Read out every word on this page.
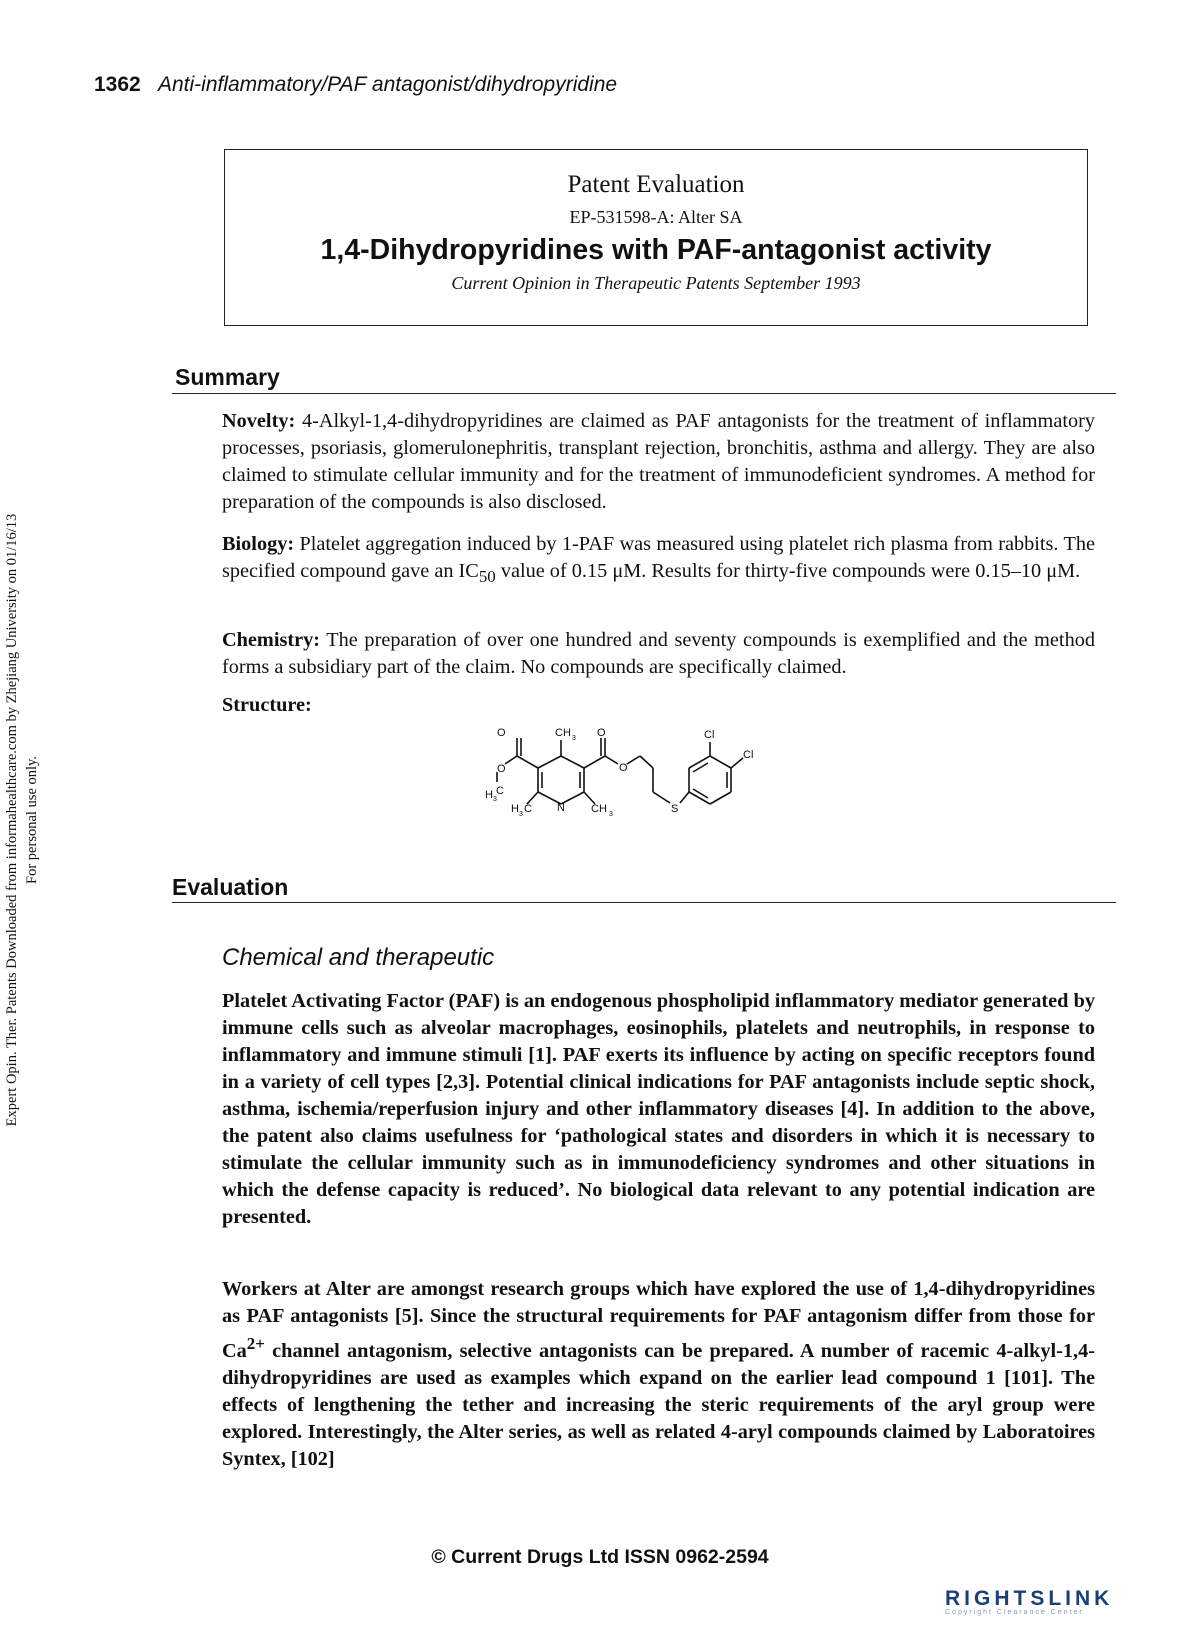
1362 Anti-inflammatory/PAF antagonist/dihydropyridine
Expert Opin. Ther. Patents Downloaded from informahealthcare.com by Zhejiang University on 01/16/13 For personal use only.
Patent Evaluation
EP-531598-A: Alter SA
1,4-Dihydropyridines with PAF-antagonist activity
Current Opinion in Therapeutic Patents September 1993
Summary
Novelty: 4-Alkyl-1,4-dihydropyridines are claimed as PAF antagonists for the treatment of inflammatory processes, psoriasis, glomerulonephritis, transplant rejection, bronchitis, asthma and allergy. They are also claimed to stimulate cellular immunity and for the treatment of immunodeficient syndromes. A method for preparation of the compounds is also disclosed.
Biology: Platelet aggregation induced by 1-PAF was measured using platelet rich plasma from rabbits. The specified compound gave an $IC_{50}$ value of 0.15 μM. Results for thirty-five compounds were 0.15–10 μM.
Chemistry: The preparation of over one hundred and seventy compounds is exemplified and the method forms a subsidiary part of the claim. No compounds are specifically claimed.
Structure:
O	CH 3 O	Cl
Cl
O	O
H 3
C
H 3 C N CH 3	S
Evaluation
Chemical and therapeutic
Platelet Activating Factor (PAF) is an endogenous phospholipid inflammatory mediator generated by immune cells such as alveolar macrophages, eosinophils, platelets and neutrophils, in response to inflammatory and immune stimuli [1]. PAF exerts its influence by acting on specific receptors found in a variety of cell types [2,3]. Potential clinical indications for PAF antagonists include septic shock, asthma, ischemia/reperfusion injury and other inflammatory diseases [4]. In addition to the above, the patent also claims usefulness for ‘pathological states and disorders in which it is necessary to stimulate the cellular immunity such as in immunodeficiency syndromes and other situations in which the defense capacity is reduced’. No biological data relevant to any potential indication are presented.
Workers at Alter are amongst research groups which have explored the use of 1,4-dihydropyridines as PAF antagonists [5]. Since the structural requirements for PAF antagonism differ from those for $Ca^{2+}$ channel antagonism, selective antagonists can be prepared. A number of racemic 4-alkyl-1,4-dihydropyridines are used as examples which expand on the earlier lead compound 1 [101]. The effects of lengthening the tether and increasing the steric requirements of the aryl group were explored. Interestingly, the Alter series, as well as related 4-aryl compounds claimed by Laboratoires Syntex, [102]
© Current Drugs Ltd ISSN 0962-2594
RIGHTSLINK
Copyright Clearance Center
